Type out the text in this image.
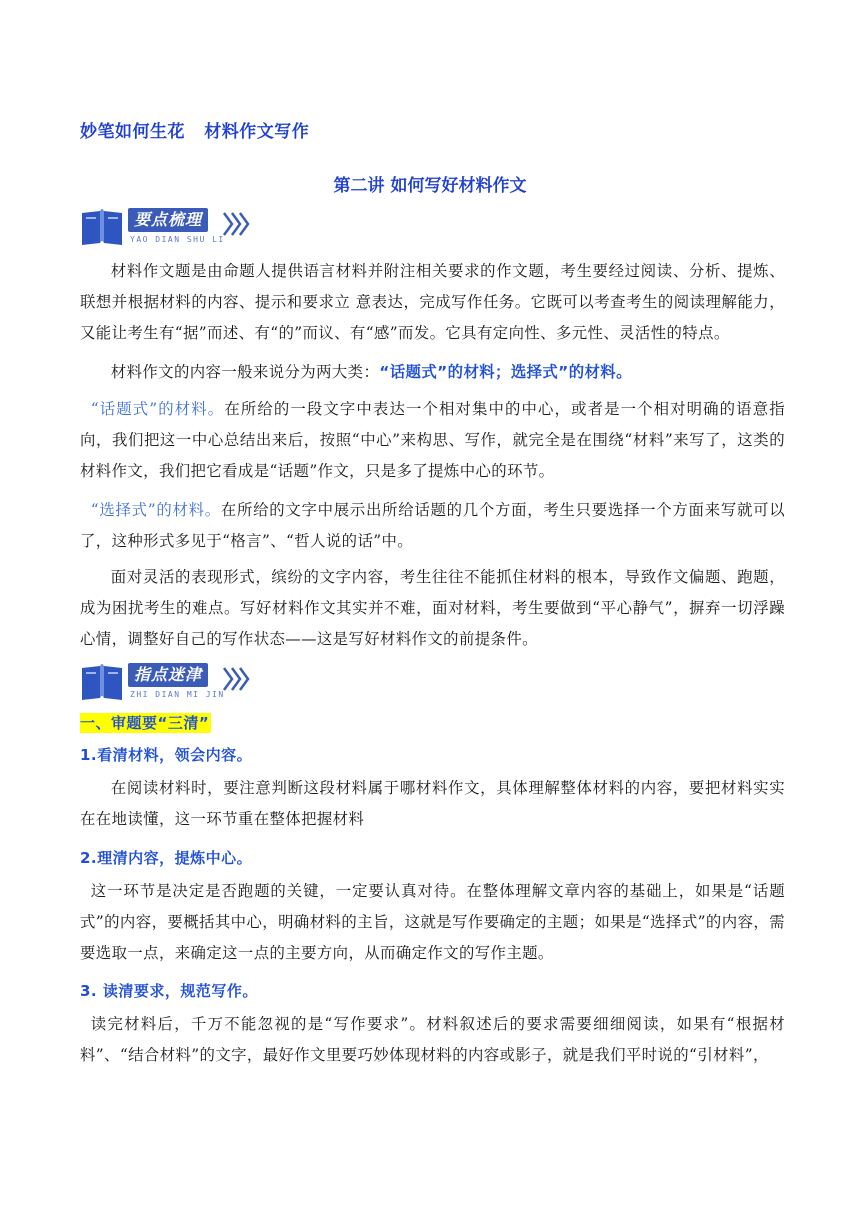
妙笔如何生花   材料作文写作
第二讲 如何写好材料作文
要点梳理
YAO DIAN SHU LI
材料作文题是由命题人提供语言材料并附注相关要求的作文题，考生要经过阅读、分析、提炼、联想并根据材料的内容、提示和要求立 意表达，完成写作任务。它既可以考查考生的阅读理解能力，又能让考生有“据”而述、有“的”而议、有“感”而发。它具有定向性、多元性、灵活性的特点。
材料作文的内容一般来说分为两大类：“话题式”的材料；选择式”的材料。
“话题式”的材料。在所给的一段文字中表达一个相对集中的中心，或者是一个相对明确的语意指向，我们把这一中心总结出来后，按照“中心”来构思、写作，就完全是在围绕“材料”来写了，这类的材料作文，我们把它看成是“话题”作文，只是多了提炼中心的环节。
“选择式”的材料。在所给的文字中展示出所给话题的几个方面，考生只要选择一个方面来写就可以了，这种形式多见于“格言”、“哲人说的话”中。
面对灵活的表现形式，缤纷的文字内容，考生往往不能抓住材料的根本，导致作文偏题、跑题，成为困扰考生的难点。写好材料作文其实并不难，面对材料，考生要做到“平心静气”，摒弃一切浮躁心情，调整好自己的写作状态——这是写好材料作文的前提条件。
指点迷津
ZHI DIAN MI JIN
一、审题要“三清”
1.看清材料，领会内容。
在阅读材料时，要注意判断这段材料属于哪材料作文，具体理解整体材料的内容，要把材料实实在在地读懂，这一环节重在整体把握材料
2.理清内容，提炼中心。
这一环节是决定是否跑题的关键，一定要认真对待。在整体理解文章内容的基础上，如果是“话题式”的内容，要概括其中心，明确材料的主旨，这就是写作要确定的主题；如果是“选择式”的内容，需要选取一点，来确定这一点的主要方向，从而确定作文的写作主题。
3. 读清要求，规范写作。
读完材料后，千万不能忽视的是“写作要求”。材料叙述后的要求需要细细阅读，如果有“根据材料”、“结合材料”的文字，最好作文里要巧妙体现材料的内容或影子，就是我们平时说的“引材料”，
